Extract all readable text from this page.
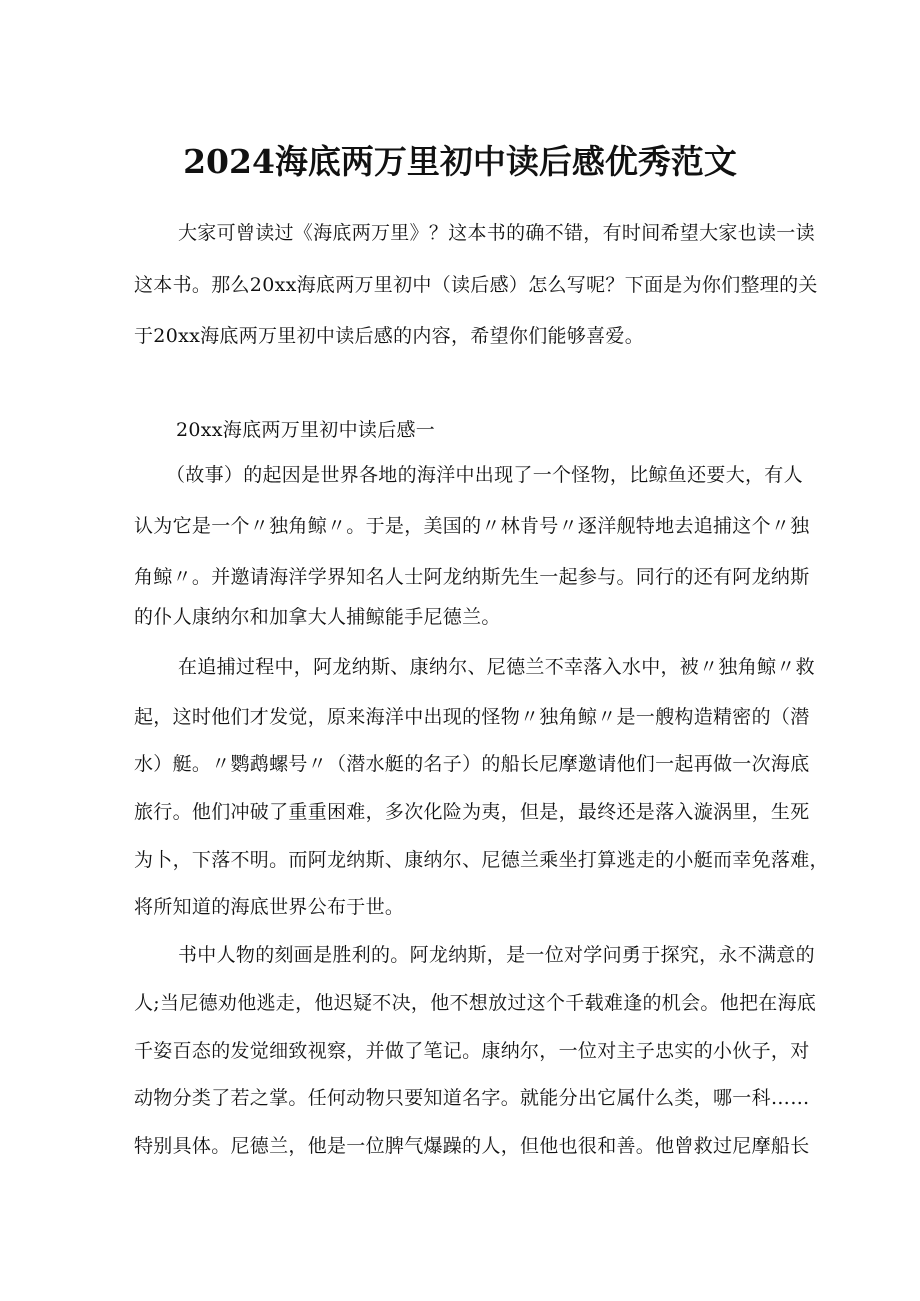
2024海底两万里初中读后感优秀范文
大家可曾读过《海底两万里》？这本书的确不错，有时间希望大家也读一读
这本书。那么20xx海底两万里初中（读后感）怎么写呢？下面是为你们整理的关
于20xx海底两万里初中读后感的内容，希望你们能够喜爱。
20xx海底两万里初中读后感一
（故事）的起因是世界各地的海洋中出现了一个怪物，比鲸鱼还要大，有人
认为它是一个〃独角鲸〃。于是，美国的〃林肯号〃逐洋舰特地去追捕这个〃独
角鲸〃。并邀请海洋学界知名人士阿龙纳斯先生一起参与。同行的还有阿龙纳斯
的仆人康纳尔和加拿大人捕鲸能手尼德兰。
在追捕过程中，阿龙纳斯、康纳尔、尼德兰不幸落入水中，被〃独角鲸〃救
起，这时他们才发觉，原来海洋中出现的怪物〃独角鲸〃是一艘构造精密的（潜
水）艇。〃鹦鹉螺号〃（潜水艇的名子）的船长尼摩邀请他们一起再做一次海底
旅行。他们冲破了重重困难，多次化险为夷，但是，最终还是落入漩涡里，生死
为卜，下落不明。而阿龙纳斯、康纳尔、尼德兰乘坐打算逃走的小艇而幸免落难，
将所知道的海底世界公布于世。
书中人物的刻画是胜利的。阿龙纳斯，是一位对学问勇于探究，永不满意的
人;当尼德劝他逃走，他迟疑不决，他不想放过这个千载难逢的机会。他把在海底
千姿百态的发觉细致视察，并做了笔记。康纳尔，一位对主子忠实的小伙子，对
动物分类了若之掌。任何动物只要知道名字。就能分出它属什么类，哪一科……
特别具体。尼德兰，他是一位脾气爆躁的人，但他也很和善。他曾救过尼摩船长
